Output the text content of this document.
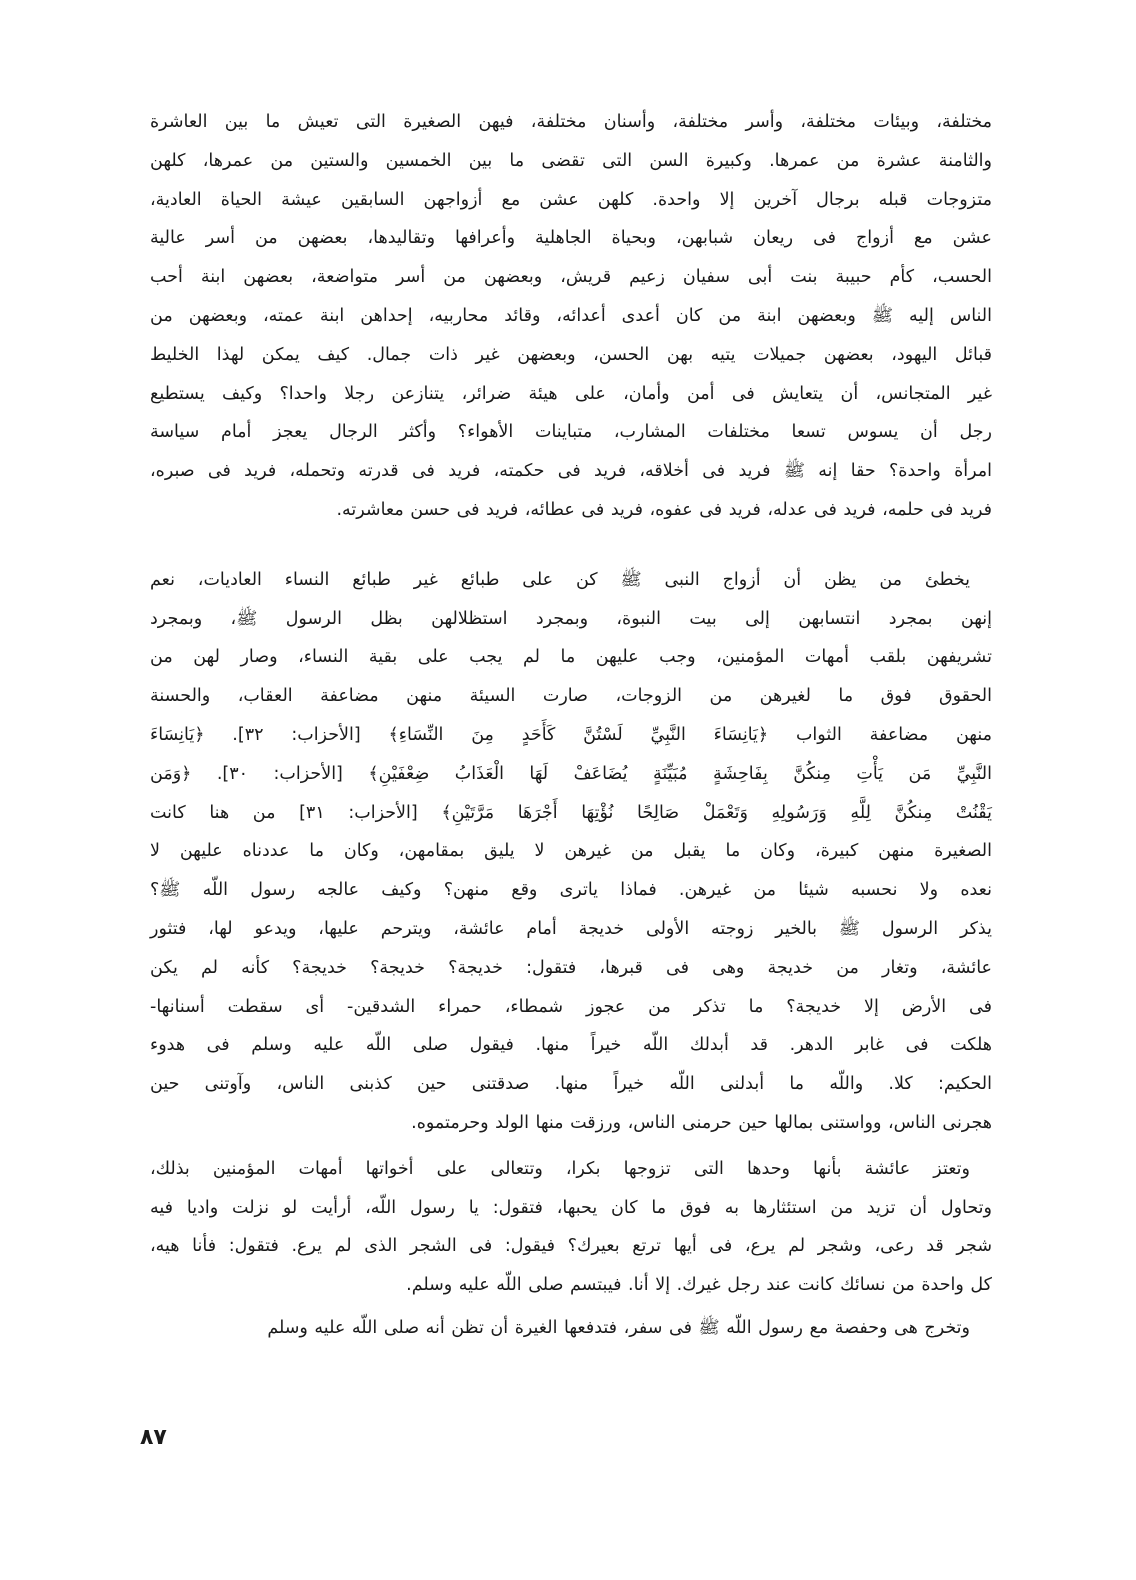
مختلفة، وبيئات مختلفة، وأسر مختلفة، وأسنان مختلفة، فيهن الصغيرة التى تعيش ما بين العاشرة
والثامنة عشرة من عمرها. وكبيرة السن التى تقضى ما بين الخمسين والستين من عمرها، كلهن
متزوجات قبله برجال آخرين إلا واحدة. كلهن عشن مع أزواجهن السابقين عيشة الحياة العادية،
عشن مع أزواج فى ريعان شبابهن، وبحياة الجاهلية وأعرافها وتقاليدها، بعضهن من أسر عالية
الحسب، كأم حبيبة بنت أبى سفيان زعيم قريش، وبعضهن من أسر متواضعة، بعضهن ابنة أحب
الناس إليه ﷺ وبعضهن ابنة من كان أعدى أعدائه، وقائد محاربيه، إحداهن ابنة عمته، وبعضهن من
قبائل اليهود، بعضهن جميلات يتيه بهن الحسن، وبعضهن غير ذات جمال. كيف يمكن لهذا الخليط
غير المتجانس، أن يتعايش فى أمن وأمان، على هيئة ضرائر، يتنازعن رجلا واحدا؟ وكيف يستطيع
رجل أن يسوس تسعا مختلفات المشارب، متباينات الأهواء؟ وأكثر الرجال يعجز أمام سياسة
امرأة واحدة؟ حقا إنه ﷺ فريد فى أخلاقه، فريد فى حكمته، فريد فى قدرته وتحمله، فريد فى صبره،
فريد فى حلمه، فريد فى عدله، فريد فى عفوه، فريد فى عطائه، فريد فى حسن معاشرته.
يخطئ من يظن أن أزواج النبى ﷺ كن على طبائع غير طبائع النساء العاديات، نعم
إنهن بمجرد انتسابهن إلى بيت النبوة، وبمجرد استظلالهن بظل الرسول ﷺ، وبمجرد
تشريفهن بلقب أمهات المؤمنين، وجب عليهن ما لم يجب على بقية النساء، وصار لهن من
الحقوق فوق ما لغيرهن من الزوجات، صارت السيئة منهن مضاعفة العقاب، والحسنة
منهن مضاعفة الثواب ﴿يَانِسَاءَ النَّبِيِّ لَسْتُنَّ كَأَحَدٍ مِنَ النِّسَاءِ﴾ [الأحزاب: ٣٢]. ﴿يَانِسَاءَ
النَّبِيِّ مَن يَأْتِ مِنكُنَّ بِفَاحِشَةٍ مُبَيِّنَةٍ يُضَاعَفْ لَهَا الْعَذَابُ ضِعْفَيْنِ﴾ [الأحزاب: ٣٠]. ﴿وَمَن
يَقْنُتْ مِنكُنَّ لِلَّهِ وَرَسُولِهِ وَتَعْمَلْ صَالِحًا نُؤْتِهَا أَجْرَهَا مَرَّتَيْنِ﴾ [الأحزاب: ٣١] من هنا كانت
الصغيرة منهن كبيرة، وكان ما يقبل من غيرهن لا يليق بمقامهن، وكان ما عددناه عليهن لا
نعده ولا نحسبه شيئا من غيرهن. فماذا ياترى وقع منهن؟ وكيف عالجه رسول اللّه ﷺ؟
يذكر الرسول ﷺ بالخير زوجته الأولى خديجة أمام عائشة، ويترحم عليها، ويدعو لها، فتثور
عائشة، وتغار من خديجة وهى فى قبرها، فتقول: خديجة؟ خديجة؟ خديجة؟ كأنه لم يكن
فى الأرض إلا خديجة؟ ما تذكر من عجوز شمطاء، حمراء الشدقين- أى سقطت أسنانها-
هلكت فى غابر الدهر. قد أبدلك اللّه خيراً منها. فيقول صلى اللّه عليه وسلم فى هدوء
الحكيم: كلا. واللّه ما أبدلنى اللّه خيراً منها. صدقتنى حين كذبنى الناس، وآوتنى حين
هجرنى الناس، وواستنى بمالها حين حرمنى الناس، ورزقت منها الولد وحرمتموه.
وتعتز عائشة بأنها وحدها التى تزوجها بكرا، وتتعالى على أخواتها أمهات المؤمنين بذلك،
وتحاول أن تزيد من استئثارها به فوق ما كان يحبها، فتقول: يا رسول اللّه، أرأيت لو نزلت واديا فيه
شجر قد رعى، وشجر لم يرع، فى أيها ترتع بعيرك؟ فيقول: فى الشجر الذى لم يرع. فتقول: فأنا هيه،
كل واحدة من نسائك كانت عند رجل غيرك. إلا أنا. فيبتسم صلى اللّه عليه وسلم.
وتخرج هى وحفصة مع رسول اللّه ﷺ فى سفر، فتدفعها الغيرة أن تظن أنه صلى اللّه عليه وسلم
٨٧
